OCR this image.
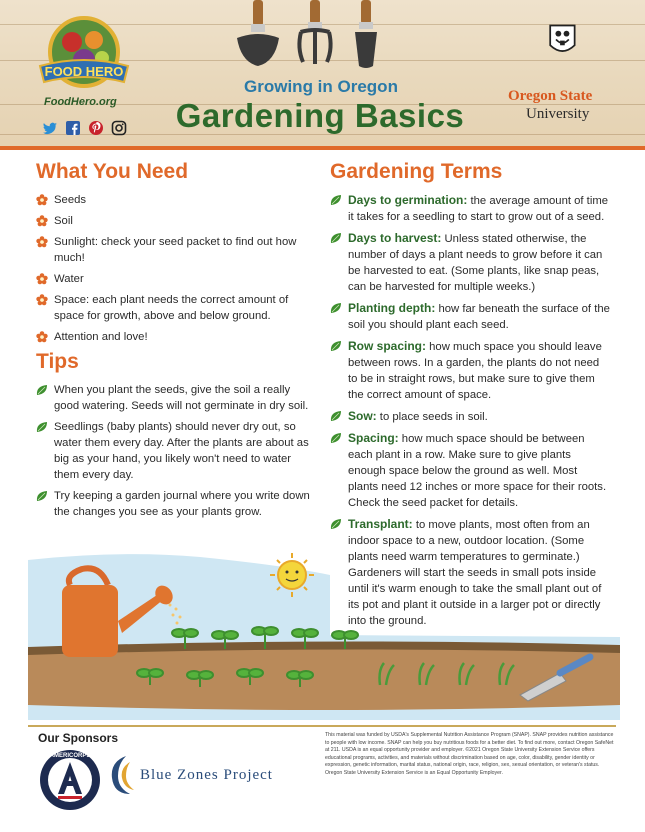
FOOD HERO
FoodHero.org
Growing in Oregon
Gardening Basics
Oregon State
University
What You Need
Seeds
Soil
Sunlight: check your seed packet to find out how much!
Water
Space: each plant needs the correct amount of space for growth, above and below ground.
Attention and love!
Tips
When you plant the seeds, give the soil a really good watering. Seeds will not germinate in dry soil.
Seedlings (baby plants) should never dry out, so water them every day. After the plants are about as big as your hand, you likely won't need to water them every day.
Try keeping a garden journal where you write down the changes you see as your plants grow.
Gardening Terms
Days to germination: the average amount of time it takes for a seedling to start to grow out of a seed.
Days to harvest: Unless stated otherwise, the number of days a plant needs to grow before it can be harvested to eat. (Some plants, like snap peas, can be harvested for multiple weeks.)
Planting depth: how far beneath the surface of the soil you should plant each seed.
Row spacing: how much space you should leave between rows. In a garden, the plants do not need to be in straight rows, but make sure to give them the correct amount of space.
Sow: to place seeds in soil.
Spacing: how much space should be between each plant in a row. Make sure to give plants enough space below the ground as well. Most plants need 12 inches or more space for their roots. Check the seed packet for details.
Transplant: to move plants, most often from an indoor space to a new, outdoor location. (Some plants need warm temperatures to germinate.) Gardeners will start the seeds in small pots inside until it's warm enough to take the small plant out of its pot and plant it outside in a larger pot or directly into the ground.
Our Sponsors
AMERICORPS
Blue Zones Project
This material was funded by USDA's Supplemental Nutrition Assistance Program (SNAP). SNAP provides nutrition assistance to people with low income. SNAP can help you buy nutritious foods for a better diet. To find out more, contact Oregon SafeNet at 211. USDA is an equal opportunity provider and employer. ©2021 Oregon State University Extension Service offers educational programs, activities, and materials without discrimination based on age, color, disability, gender identity or expression, genetic information, marital status, national origin, race, religion, sex, sexual orientation, or veteran's status. Oregon State University Extension Service is an Equal Opportunity Employer.
